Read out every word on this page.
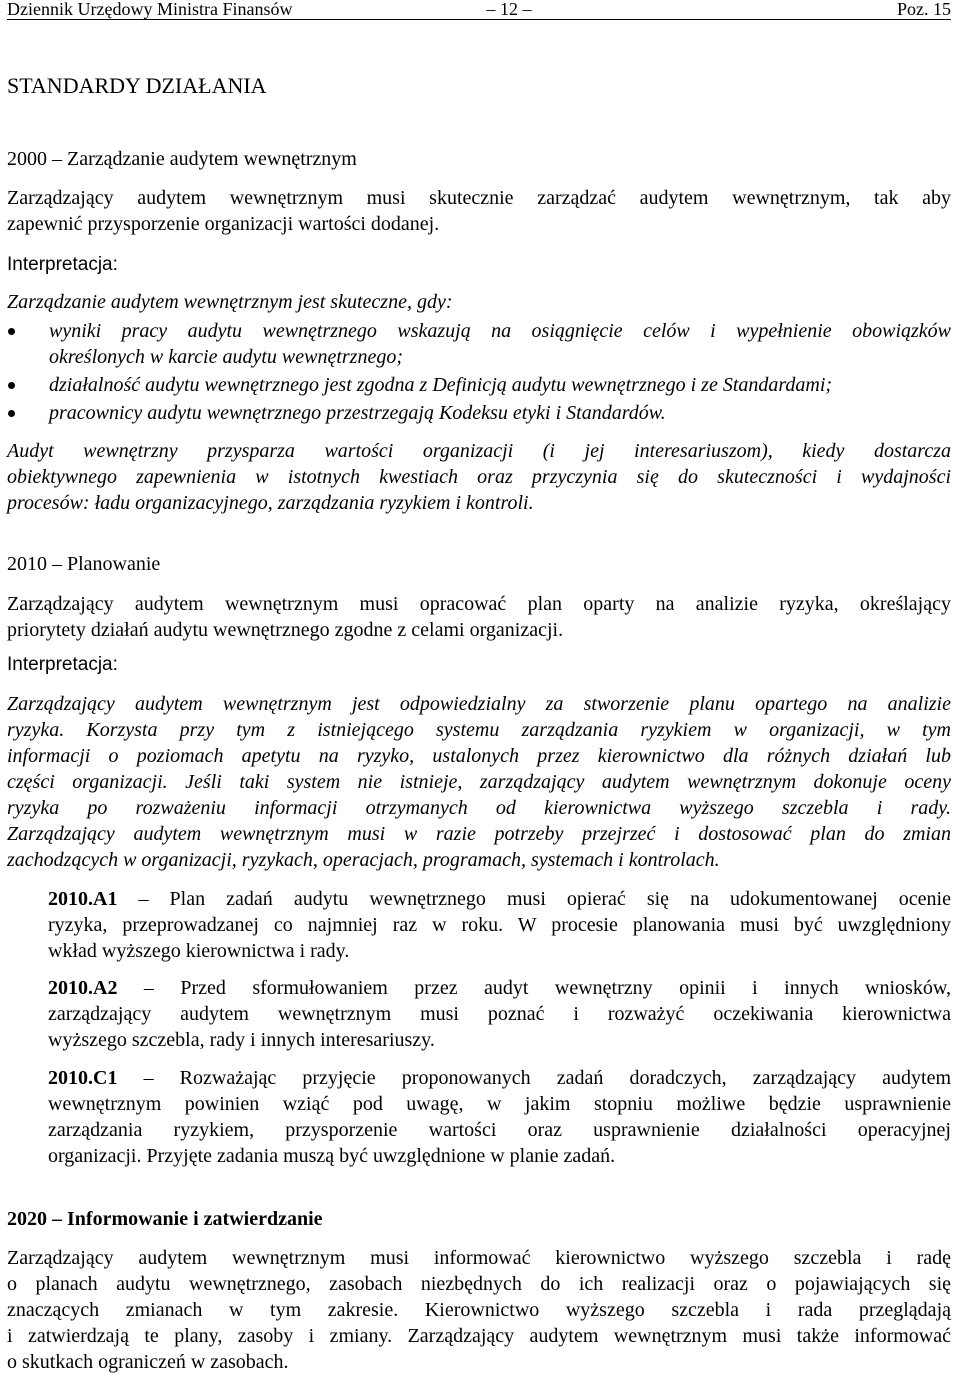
Dziennik Urzędowy Ministra Finansów	– 12 –	Poz. 15
STANDARDY DZIAŁANIA
2000 – Zarządzanie audytem wewnętrznym
Zarządzający audytem wewnętrznym musi skutecznie zarządzać audytem wewnętrznym, tak aby
zapewnić przysporzenie organizacji wartości dodanej.
Interpretacja:
Zarządzanie audytem wewnętrznym jest skuteczne, gdy:
wyniki pracy audytu wewnętrznego wskazują na osiągnięcie celów i wypełnienie obowiązków
określonych w karcie audytu wewnętrznego;
działalność audytu wewnętrznego jest zgodna z Definicją audytu wewnętrznego i ze Standardami;
pracownicy audytu wewnętrznego przestrzegają Kodeksu etyki i Standardów.
Audyt wewnętrzny przysparza wartości organizacji (i jej interesariuszom), kiedy dostarcza
obiektywnego zapewnienia w istotnych kwestiach oraz przyczynia się do skuteczności i wydajności
procesów: ładu organizacyjnego, zarządzania ryzykiem i kontroli.
2010 – Planowanie
Zarządzający audytem wewnętrznym musi opracować plan oparty na analizie ryzyka, określający
priorytety działań audytu wewnętrznego zgodne z celami organizacji.
Interpretacja:
Zarządzający audytem wewnętrznym jest odpowiedzialny za stworzenie planu opartego na analizie
ryzyka. Korzysta przy tym z istniejącego systemu zarządzania ryzykiem w organizacji, w tym
informacji o poziomach apetytu na ryzyko, ustalonych przez kierownictwo dla różnych działań lub
części organizacji. Jeśli taki system nie istnieje, zarządzający audytem wewnętrznym dokonuje oceny
ryzyka po rozważeniu informacji otrzymanych od kierownictwa wyższego szczebla i rady.
Zarządzający audytem wewnętrznym musi w razie potrzeby przejrzeć i dostosować plan do zmian
zachodzących w organizacji, ryzykach, operacjach, programach, systemach i kontrolach.
2010.A1 – Plan zadań audytu wewnętrznego musi opierać się na udokumentowanej ocenie
ryzyka, przeprowadzanej co najmniej raz w roku. W procesie planowania musi być uwzględniony
wkład wyższego kierownictwa i rady.
2010.A2 – Przed sformułowaniem przez audyt wewnętrzny opinii i innych wniosków,
zarządzający audytem wewnętrznym musi poznać i rozważyć oczekiwania kierownictwa
wyższego szczebla, rady i innych interesariuszy.
2010.C1 – Rozważając przyjęcie proponowanych zadań doradczych, zarządzający audytem
wewnętrznym powinien wziąć pod uwagę, w jakim stopniu możliwe będzie usprawnienie
zarządzania ryzykiem, przysporzenie wartości oraz usprawnienie działalności operacyjnej
organizacji. Przyjęte zadania muszą być uwzględnione w planie zadań.
2020 – Informowanie i zatwierdzanie
Zarządzający audytem wewnętrznym musi informować kierownictwo wyższego szczebla i radę
o planach audytu wewnętrznego, zasobach niezbędnych do ich realizacji oraz o pojawiających się
znaczących zmianach w tym zakresie. Kierownictwo wyższego szczebla i rada przeglądają
i zatwierdzają te plany, zasoby i zmiany. Zarządzający audytem wewnętrznym musi także informować
o skutkach ograniczeń w zasobach.
